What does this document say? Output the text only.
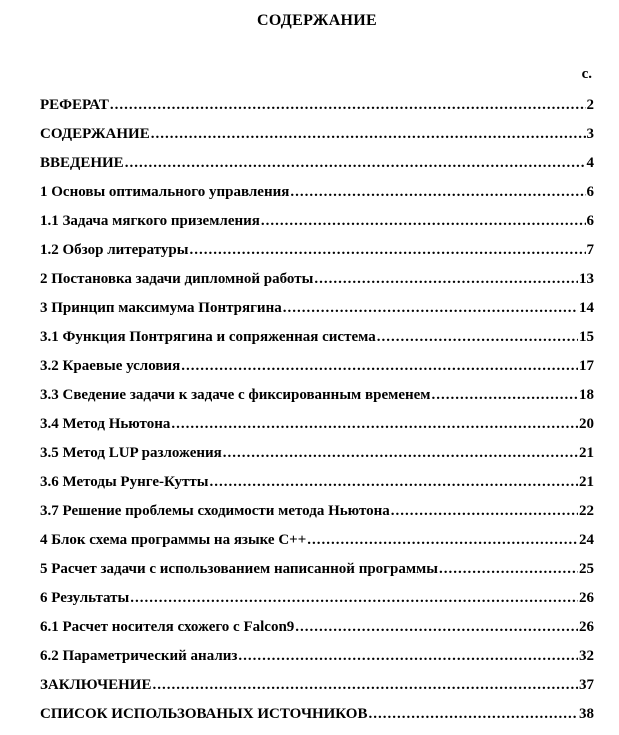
СОДЕРЖАНИЕ
с.
РЕФЕРАТ .....	2
СОДЕРЖАНИЕ .....	3
ВВЕДЕНИЕ .....	4
1 Основы оптимального управления .....	6
1.1 Задача мягкого приземления .....	6
1.2 Обзор литературы .....	7
2 Постановка задачи дипломной работы .....	13
3 Принцип максимума Понтрягина .....	14
3.1 Функция Понтрягина и сопряженная система .....	15
3.2 Краевые условия .....	17
3.3 Сведение задачи к задаче с фиксированным временем .....	18
3.4 Метод Ньютона .....	20
3.5 Метод LUP разложения .....	21
3.6 Методы Рунге-Кутты .....	21
3.7 Решение проблемы сходимости метода Ньютона .....	22
4 Блок схема программы на языке C++ .....	24
5 Расчет задачи с использованием написанной программы .....	25
6 Результаты .....	26
6.1 Расчет носителя схожего с Falcon9 .....	26
6.2 Параметрический анализ .....	32
ЗАКЛЮЧЕНИЕ .....	37
СПИСОК ИСПОЛЬЗОВАНЫХ ИСТОЧНИКОВ .....	38
